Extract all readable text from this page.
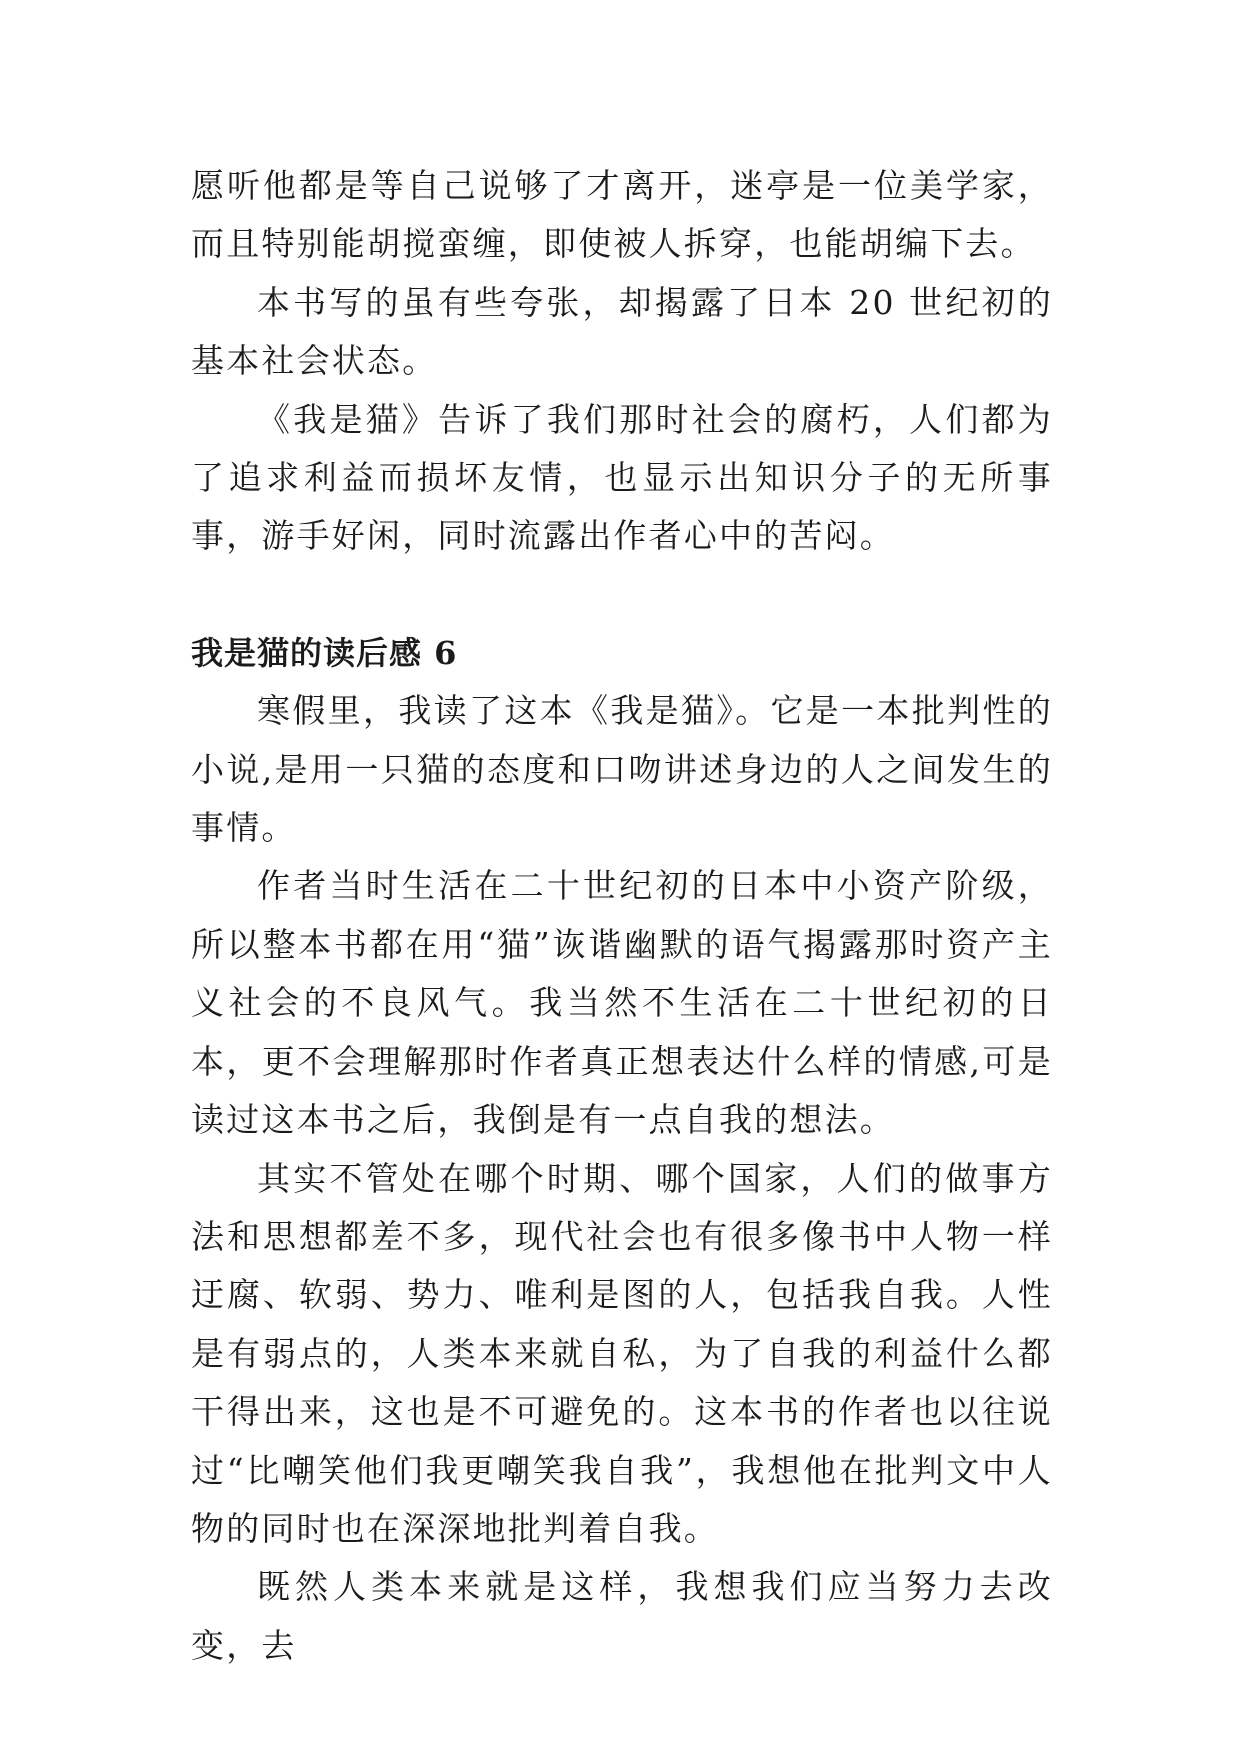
愿听他都是等自己说够了才离开，迷亭是一位美学家，而且特别能胡搅蛮缠，即使被人拆穿，也能胡编下去。

本书写的虽有些夸张，却揭露了日本 20 世纪初的基本社会状态。

《我是猫》告诉了我们那时社会的腐朽，人们都为了追求利益而损坏友情，也显示出知识分子的无所事事，游手好闲，同时流露出作者心中的苦闷。

我是猫的读后感 6

寒假里，我读了这本《我是猫》。它是一本批判性的小说,是用一只猫的态度和口吻讲述身边的人之间发生的事情。

作者当时生活在二十世纪初的日本中小资产阶级，所以整本书都在用“猫”诙谐幽默的语气揭露那时资产主义社会的不良风气。我当然不生活在二十世纪初的日本，更不会理解那时作者真正想表达什么样的情感,可是读过这本书之后，我倒是有一点自我的想法。

其实不管处在哪个时期、哪个国家，人们的做事方法和思想都差不多，现代社会也有很多像书中人物一样迂腐、软弱、势力、唯利是图的人，包括我自我。人性是有弱点的，人类本来就自私，为了自我的利益什么都干得出来，这也是不可避免的。这本书的作者也以往说过“比嘲笑他们我更嘲笑我自我”，我想他在批判文中人物的同时也在深深地批判着自我。

既然人类本来就是这样，我想我们应当努力去改变，去
